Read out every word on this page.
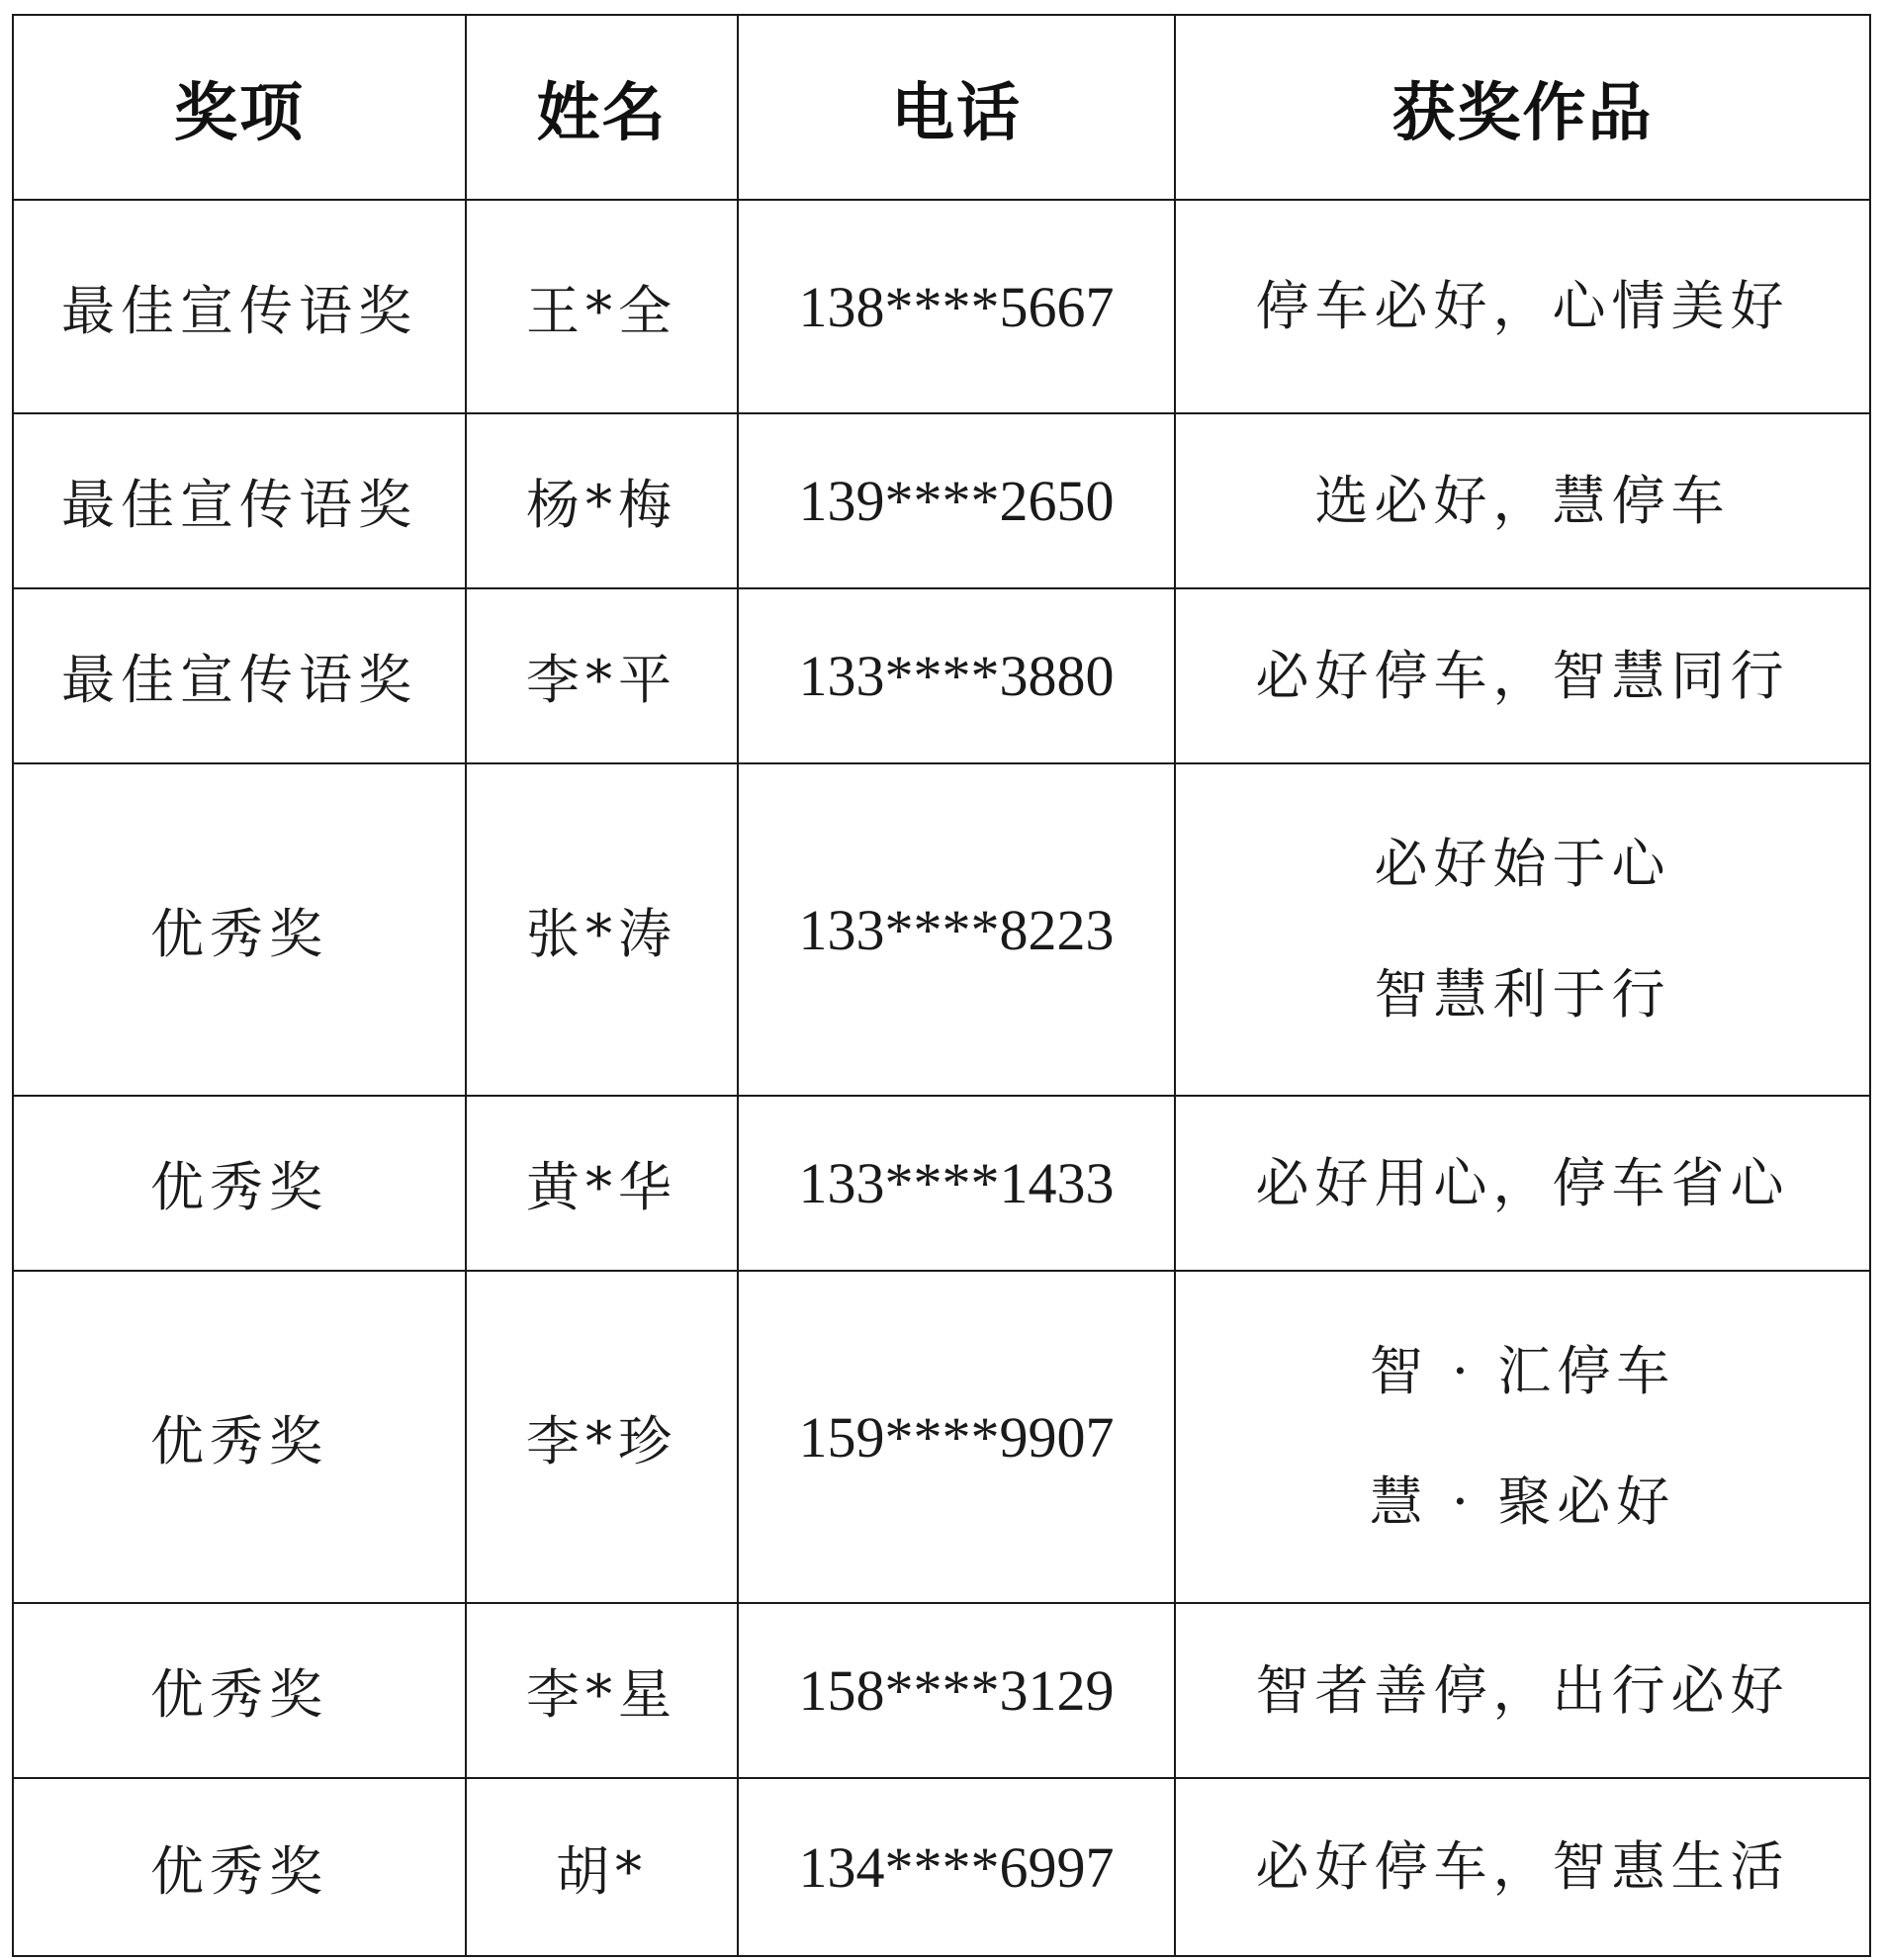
奖项	姓名	电话	获奖作品
最佳宣传语奖	王*全	138****5667	停车必好，心情美好

最佳宣传语奖	杨*梅	139****2650	选必好，慧停车

最佳宣传语奖	李*平	133****3880	必好停车，智慧同行

优秀奖	张*涛	133****8223	必好始于心
智慧利于行

优秀奖	黄*华	133****1433	必好用心，停车省心

优秀奖	李*珍	159****9907	智 · 汇停车
慧 · 聚必好

优秀奖	李*星	158****3129	智者善停，出行必好

优秀奖	胡*	134****6997	必好停车，智惠生活
